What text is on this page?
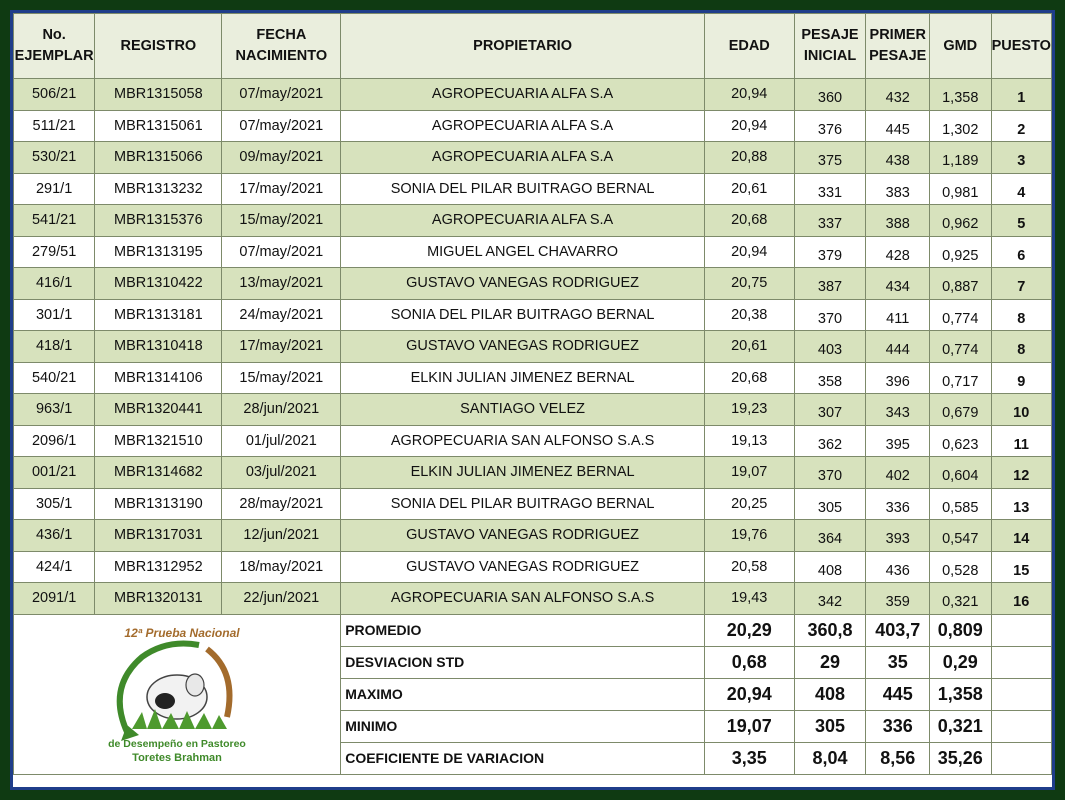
No. EJEMPLAR	REGISTRO	FECHA NACIMIENTO	PROPIETARIO	EDAD	PESAJE INICIAL	PRIMER PESAJE	GMD	PUESTO
506/21	MBR1315058	07/may/2021	AGROPECUARIA ALFA S.A	20,94	360	432	1,358	1
511/21	MBR1315061	07/may/2021	AGROPECUARIA ALFA S.A	20,94	376	445	1,302	2
530/21	MBR1315066	09/may/2021	AGROPECUARIA ALFA S.A	20,88	375	438	1,189	3
291/1	MBR1313232	17/may/2021	SONIA DEL PILAR BUITRAGO BERNAL	20,61	331	383	0,981	4
541/21	MBR1315376	15/may/2021	AGROPECUARIA ALFA S.A	20,68	337	388	0,962	5
279/51	MBR1313195	07/may/2021	MIGUEL ANGEL CHAVARRO	20,94	379	428	0,925	6
416/1	MBR1310422	13/may/2021	GUSTAVO VANEGAS RODRIGUEZ	20,75	387	434	0,887	7
301/1	MBR1313181	24/may/2021	SONIA DEL PILAR BUITRAGO BERNAL	20,38	370	411	0,774	8
418/1	MBR1310418	17/may/2021	GUSTAVO VANEGAS RODRIGUEZ	20,61	403	444	0,774	8
540/21	MBR1314106	15/may/2021	ELKIN JULIAN JIMENEZ BERNAL	20,68	358	396	0,717	9
963/1	MBR1320441	28/jun/2021	SANTIAGO VELEZ	19,23	307	343	0,679	10
2096/1	MBR1321510	01/jul/2021	AGROPECUARIA SAN ALFONSO S.A.S	19,13	362	395	0,623	11
001/21	MBR1314682	03/jul/2021	ELKIN JULIAN JIMENEZ BERNAL	19,07	370	402	0,604	12
305/1	MBR1313190	28/may/2021	SONIA DEL PILAR BUITRAGO BERNAL	20,25	305	336	0,585	13
436/1	MBR1317031	12/jun/2021	GUSTAVO VANEGAS RODRIGUEZ	19,76	364	393	0,547	14
424/1	MBR1312952	18/may/2021	GUSTAVO VANEGAS RODRIGUEZ	20,58	408	436	0,528	15
2091/1	MBR1320131	22/jun/2021	AGROPECUARIA SAN ALFONSO S.A.S	19,43	342	359	0,321	16

12ª Prueba Nacional
de Desempeño en Pastoreo
Toretes Brahman			PROMEDIO	20,29	360,8	403,7	0,809	
			DESVIACION STD	0,68	29	35	0,29	
			MAXIMO	20,94	408	445	1,358	
			MINIMO	19,07	305	336	0,321	
			COEFICIENTE DE VARIACION	3,35	8,04	8,56	35,26	
